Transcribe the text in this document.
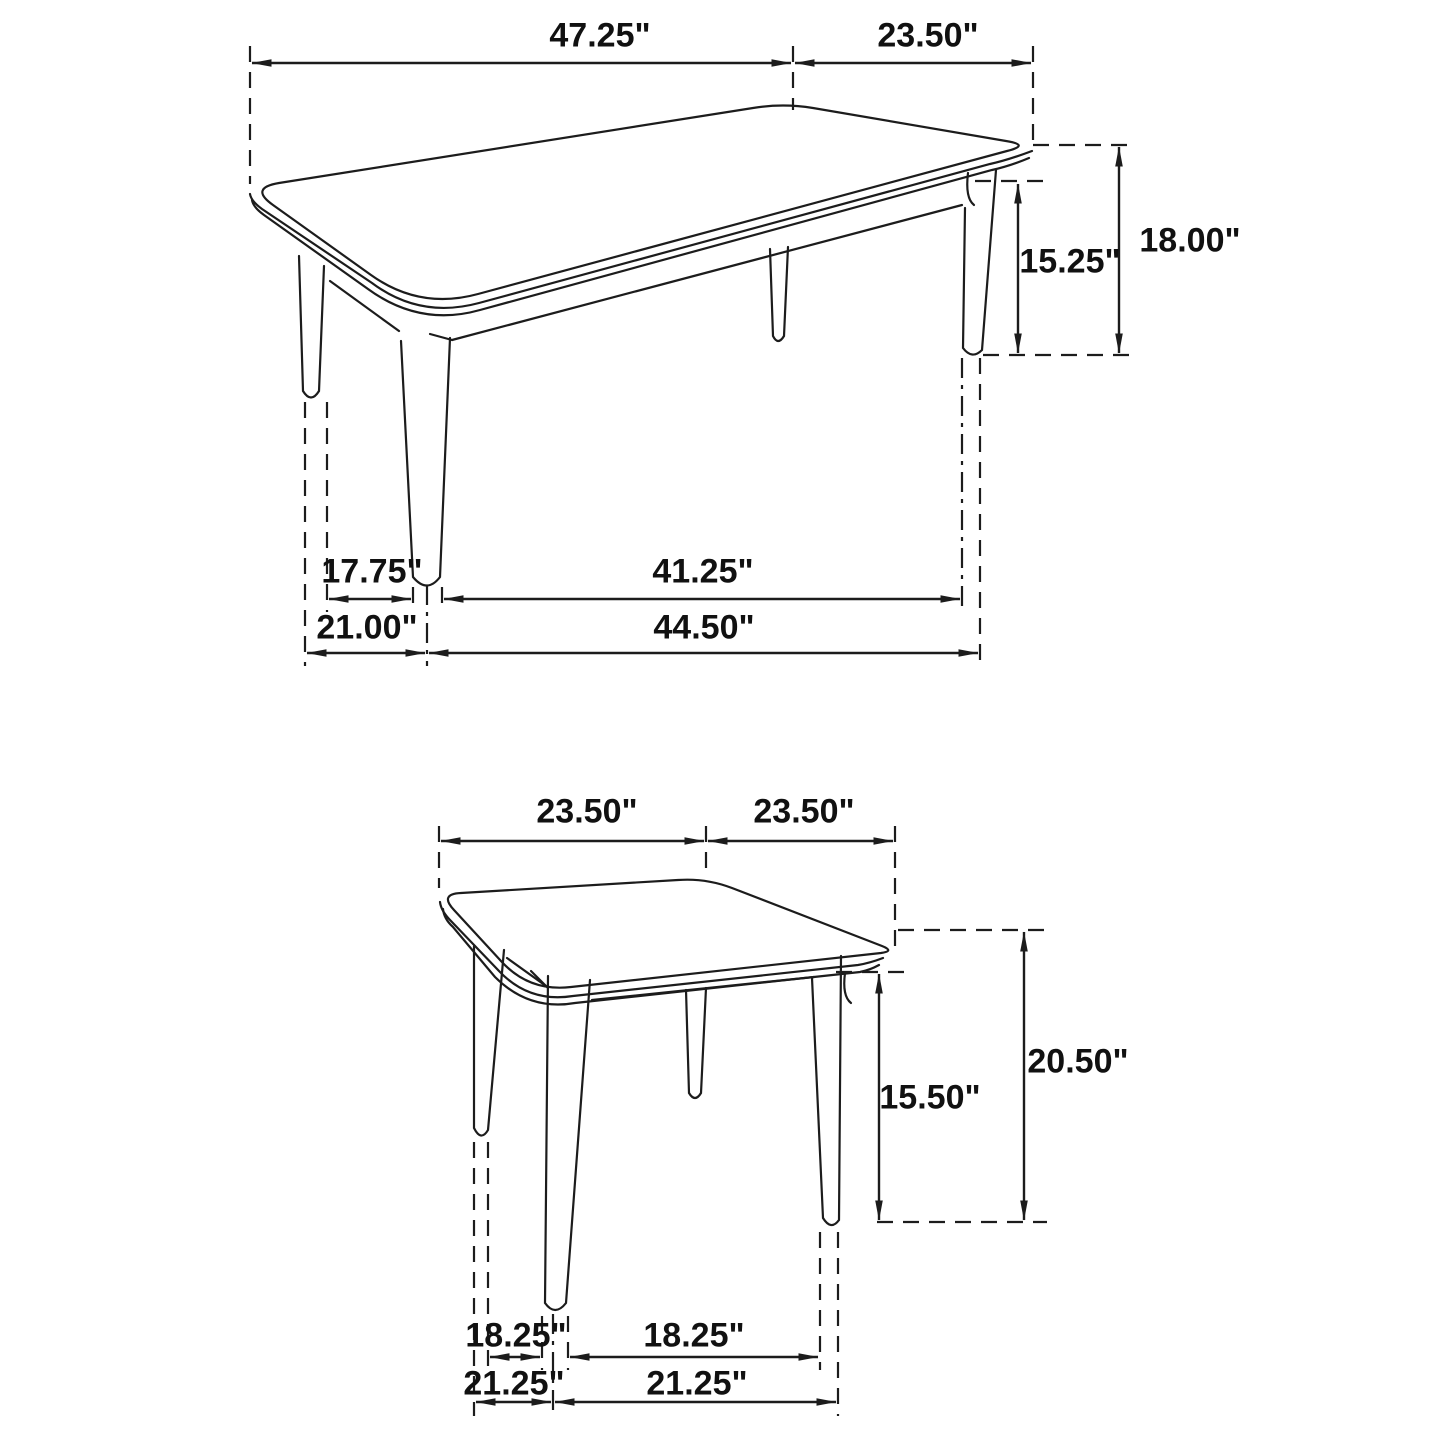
47.25"	23.50"
18.00"
15.25"
17.75"	41.25"
21.00"	44.50"
23.50"	23.50"
20.50"
15.50"
18.25" 18.25"
21.25" 21.25"
